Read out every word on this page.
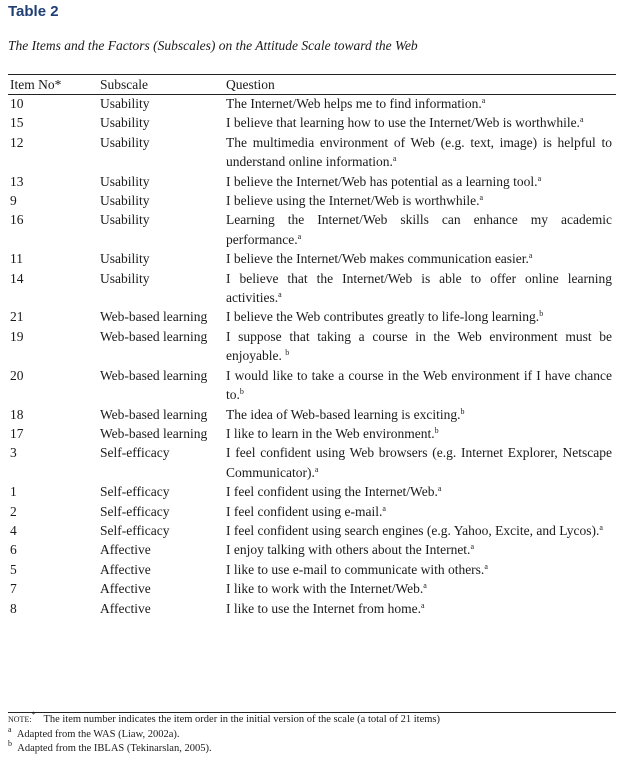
Table 2
The Items and the Factors (Subscales) on the Attitude Scale toward the Web
Item No*	Subscale	Question
10	Usability	The Internet/Web helps me to find information.$^a$
15	Usability	I believe that learning how to use the Internet/Web is worthwhile.$^a$
12	Usability	The multimedia environment of Web (e.g. text, image) is helpful to understand online information.$^a$
13	Usability	I believe the Internet/Web has potential as a learning tool.$^a$
9	Usability	I believe using the Internet/Web is worthwhile.$^a$
16	Usability	Learning the Internet/Web skills can enhance my academic performance.$^a$
11	Usability	I believe the Internet/Web makes communication easier.$^a$
14	Usability	I believe that the Internet/Web is able to offer online learning activities.$^a$
21	Web-based learning	I believe the Web contributes greatly to life-long learning.$^b$
19	Web-based learning	I suppose that taking a course in the Web environment must be enjoyable. $^b$
20	Web-based learning	I would like to take a course in the Web environment if I have chance to.$^b$
18	Web-based learning	The idea of Web-based learning is exciting.$^b$
17	Web-based learning	I like to learn in the Web environment.$^b$
3	Self-efficacy	I feel confident using Web browsers (e.g. Internet Explorer, Netscape Communicator).$^a$
1	Self-efficacy	I feel confident using the Internet/Web.$^a$
2	Self-efficacy	I feel confident using e-mail.$^a$
4	Self-efficacy	I feel confident using search engines (e.g. Yahoo, Excite, and Lycos).$^a$
6	Affective	I enjoy talking with others about the Internet.$^a$
5	Affective	I like to use e-mail to communicate with others.$^a$
7	Affective	I like to work with the Internet/Web.$^a$
8	Affective	I like to use the Internet from home.$^a$
NOTE:* The item number indicates the item order in the initial version of the scale (a total of 21 items)
$^a$ Adapted from the WAS (Liaw, 2002a).
$^b$ Adapted from the IBLAS (Tekinarslan, 2005).
